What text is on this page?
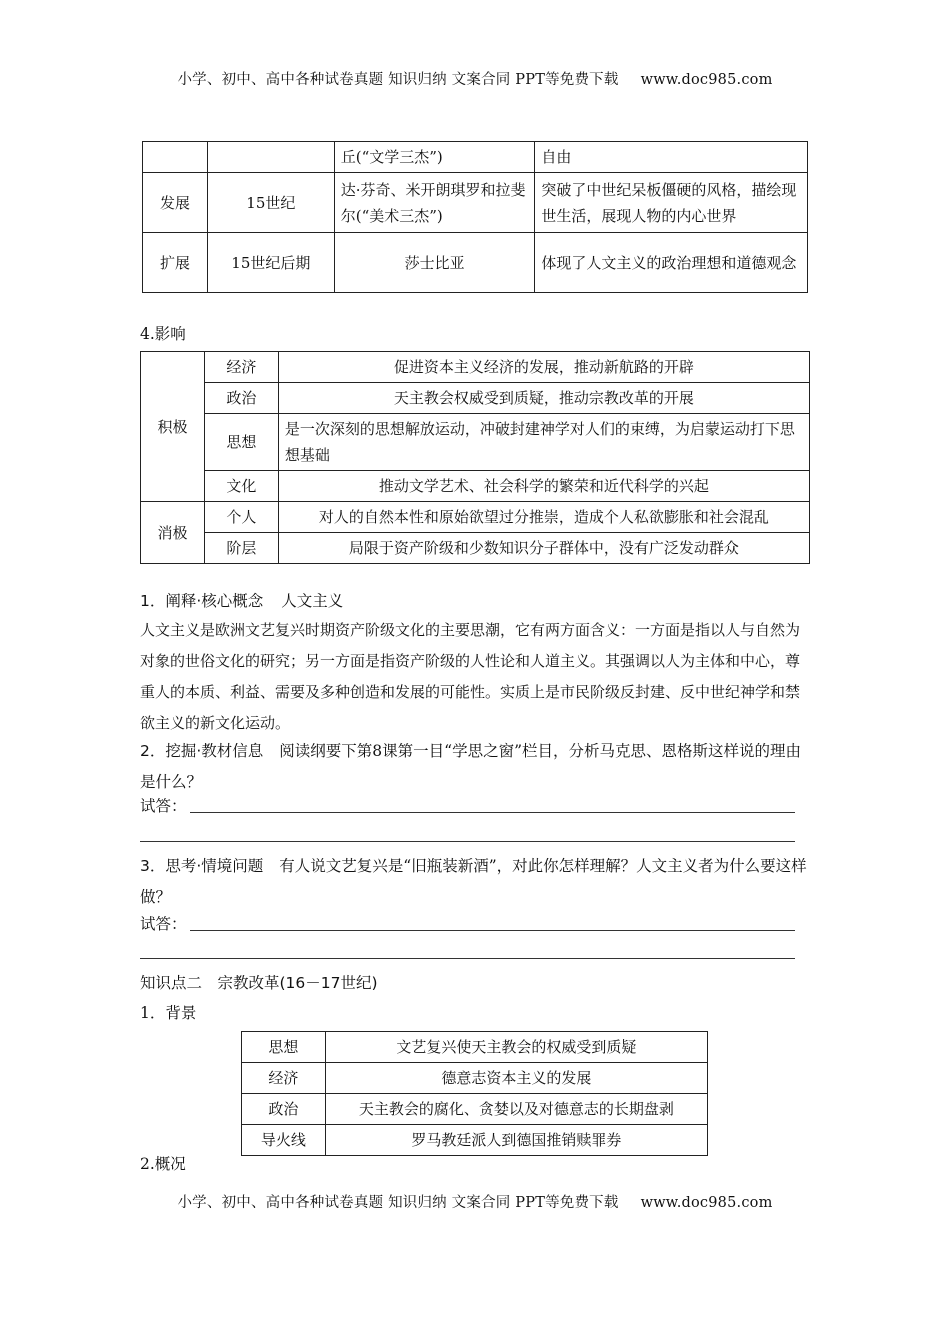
小学、初中、高中各种试卷真题 知识归纳 文案合同 PPT等免费下载 www.doc985.com
		丘(“文学三杰”)	自由
发展	15世纪	达·芬奇、米开朗琪罗和拉斐尔(“美术三杰”)	突破了中世纪呆板僵硬的风格，描绘现世生活，展现人物的内心世界
扩展	15世纪后期	莎士比亚	体现了人文主义的政治理想和道德观念
4.影响
积极	经济	促进资本主义经济的发展，推动新航路的开辟
	政治	天主教会权威受到质疑，推动宗教改革的开展
	思想	是一次深刻的思想解放运动，冲破封建神学对人们的束缚，为启蒙运动打下思想基础
	文化	推动文学艺术、社会科学的繁荣和近代科学的兴起
消极	个人	对人的自然本性和原始欲望过分推崇，造成个人私欲膨胀和社会混乱
	阶层	局限于资产阶级和少数知识分子群体中，没有广泛发动群众
1．阐释·核心概念 人文主义
人文主义是欧洲文艺复兴时期资产阶级文化的主要思潮，它有两方面含义：一方面是指以人与自然为对象的世俗文化的研究；另一方面是指资产阶级的人性论和人道主义。其强调以人为主体和中心，尊重人的本质、利益、需要及多种创造和发展的可能性。实质上是市民阶级反封建、反中世纪神学和禁欲主义的新文化运动。
2．挖掘·教材信息 阅读纲要下第8课第一目“学思之窗”栏目，分析马克思、恩格斯这样说的理由是什么？
试答：
3．思考·情境问题 有人说文艺复兴是“旧瓶装新酒”，对此你怎样理解？人文主义者为什么要这样做？
试答：
知识点二　宗教改革(16－17世纪)
1．背景
思想	文艺复兴使天主教会的权威受到质疑
经济	德意志资本主义的发展
政治	天主教会的腐化、贪婪以及对德意志的长期盘剥
导火线	罗马教廷派人到德国推销赎罪券
2.概况
小学、初中、高中各种试卷真题 知识归纳 文案合同 PPT等免费下载 www.doc985.com
